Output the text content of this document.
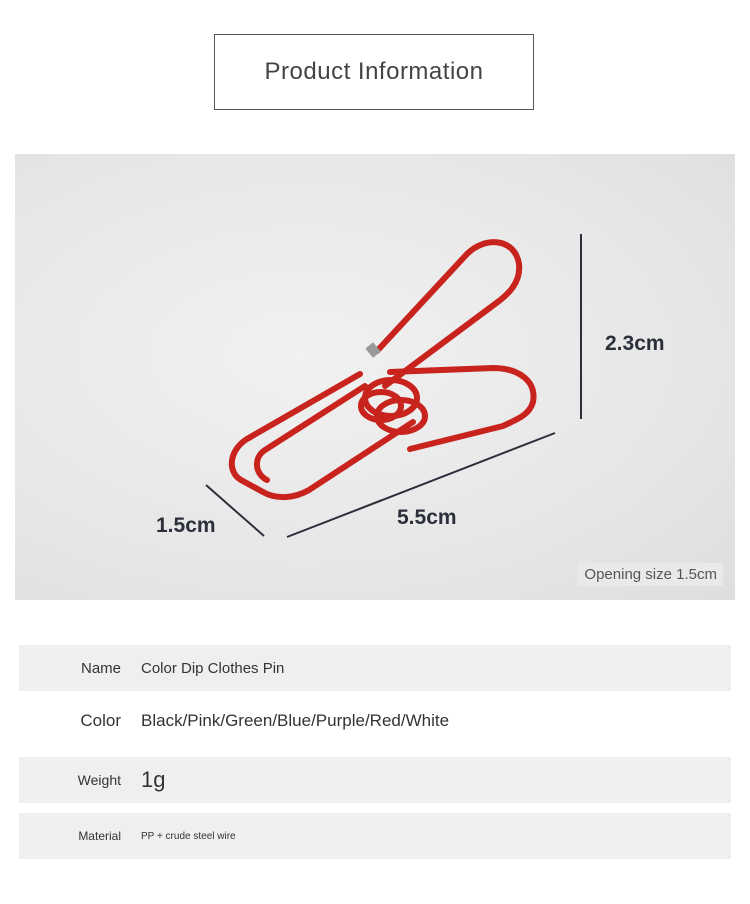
Product Information
2.3cm
5.5cm
1.5cm
Opening size 1.5cm
Name Color Dip Clothes Pin
Color Black/Pink/Green/Blue/Purple/Red/White
Weight 1g
Material PP + crude steel wire
